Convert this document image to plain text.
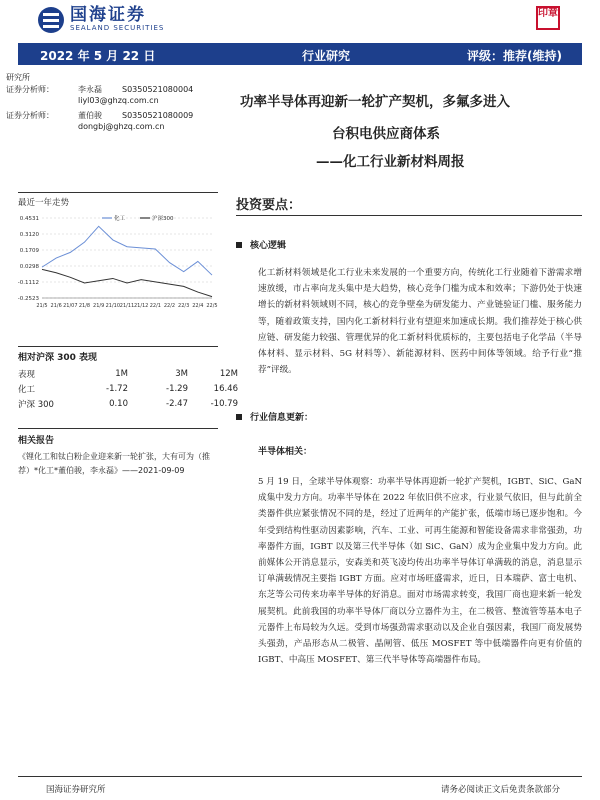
国海证券
SEALAND SECURITIES
印章
2022 年 5 月 22 日	行业研究	评级：推荐(维持)
研究所
证券分析师：	李永磊	S0350521080004
liyl03@ghzq.com.cn
证券分析师：	董伯骏	S0350521080009
dongbj@ghzq.com.cn
功率半导体再迎新一轮扩产契机，多氟多进入
台积电供应商体系
——化工行业新材料周报
最近一年走势
0.4531
0.3120
0.1709
0.0298
-0.1112
-0.2523
21/5 21/6 21/07 21/8 21/9 21/10 21/11 21/12 22/1 22/2 22/3 22/4 22/5
化工	沪深300
相对沪深 300 表现
表现	1M	3M	12M
化工	-1.72	-1.29	16.46
沪深 300	0.10	-2.47	-10.79
相关报告
《锂化工和钛白粉企业迎来新一轮扩张，大有可为（推荐）*化工*董伯骏，李永磊》——2021-09-09
投资要点：
核心逻辑
化工新材料领域是化工行业未来发展的一个重要方向，传统化工行业随着下游需求增速放缓，市占率向龙头集中是大趋势，核心竞争门槛为成本和效率；下游仍处于快速增长的新材料领域则不同，核心的竞争壁垒为研发能力、产业链验证门槛、服务能力等，随着政策支持，国内化工新材料行业有望迎来加速成长期。我们推荐处于核心供应链、研发能力较强、管理优异的化工新材料优质标的，主要包括电子化学品（半导体材料、显示材料、5G 材料等）、新能源材料、医药中间体等领域。给予行业“推荐”评级。
行业信息更新：
半导体相关：
5 月 19 日，全球半导体观察：功率半导体再迎新一轮扩产契机，IGBT、SiC、GaN 成集中发力方向。功率半导体在 2022 年依旧供不应求，行业景气依旧，但与此前全类器件供应紧张情况不同的是，经过了近两年的产能扩张，低端市场已逐步饱和。今年受到结构性驱动因素影响，汽车、工业、可再生能源和智能设备需求非常强劲，功率器件方面，IGBT 以及第三代半导体（如 SiC、GaN）成为企业集中发力方向。此前媒体公开消息显示，安森美和英飞凌均传出功率半导体订单满载的消息，消息显示订单满载情况主要指 IGBT 方面。应对市场旺盛需求，近日，日本瑞萨、富士电机、东芝等公司传来功率半导体的好消息。面对市场需求转变，我国厂商也迎来新一轮发展契机。此前我国的功率半导体厂商以分立器件为主，在二极管、整流管等基本电子元器件上布局较为久远。受到市场强劲需求驱动以及企业自强因素，我国厂商发展势头强劲，产品形态从二极管、晶闸管、低压 MOSFET 等中低端器件向更有价值的 IGBT、中高压 MOSFET、第三代半导体等高端器件布局。
国海证券研究所	请务必阅读正文后免责条款部分
